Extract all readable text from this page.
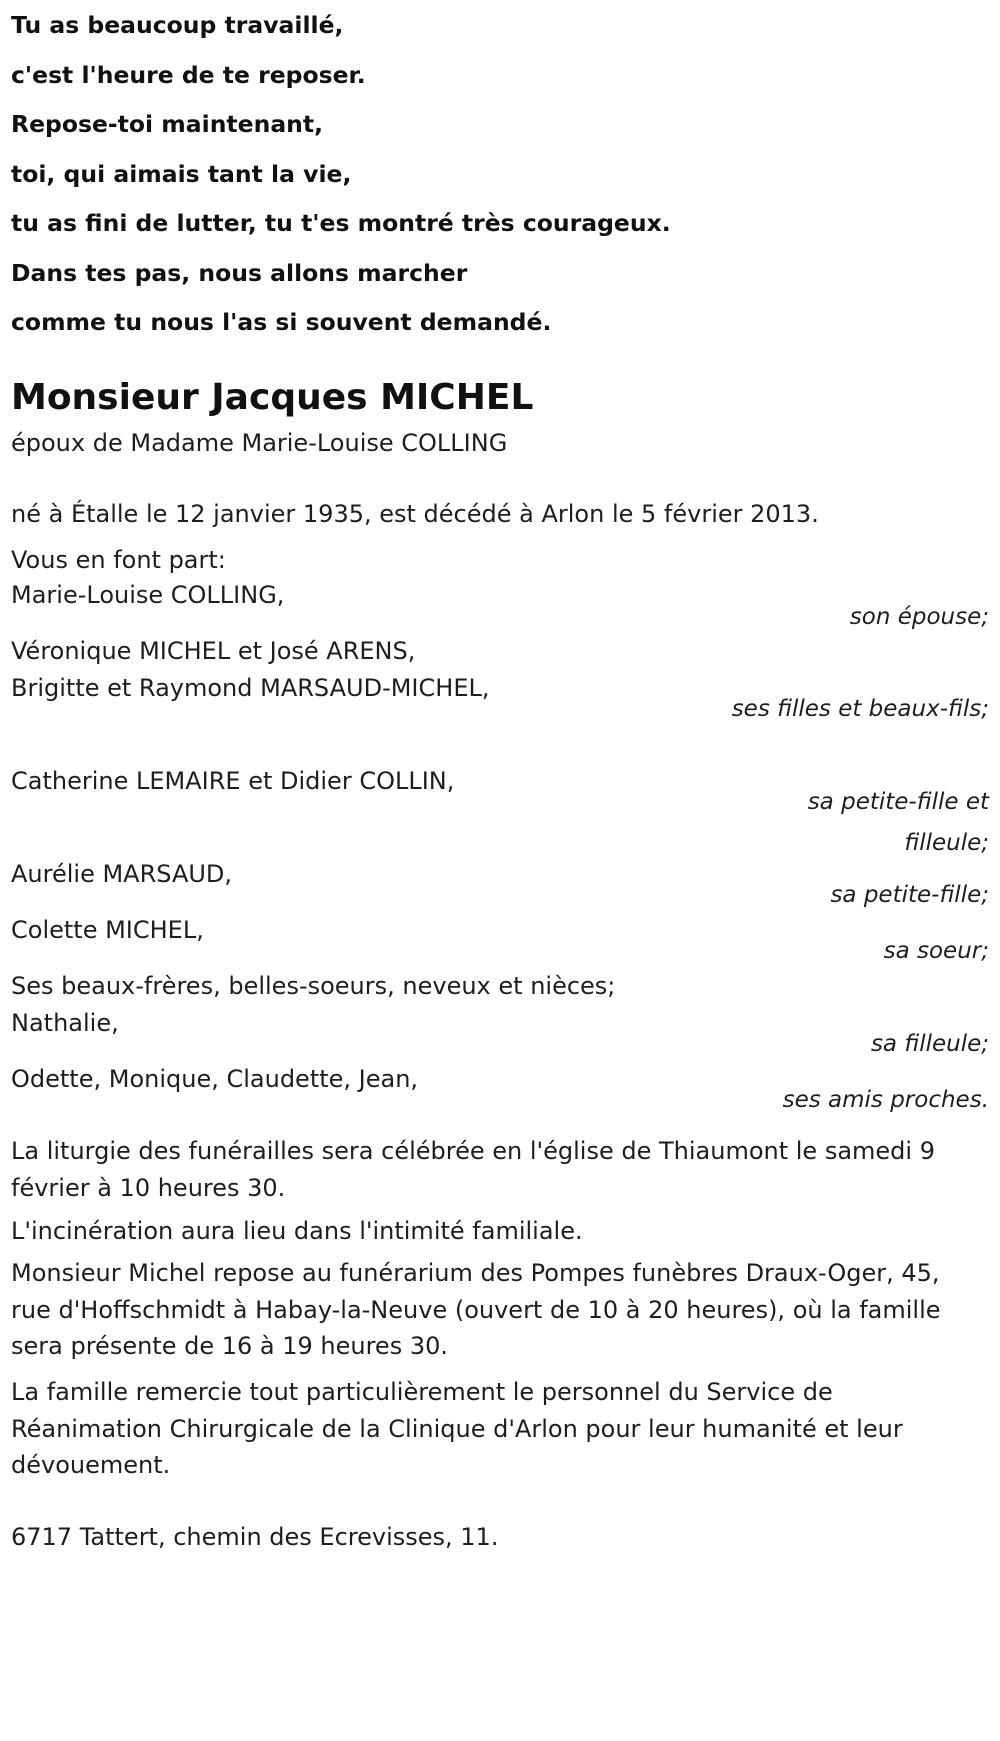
Tu as beaucoup travaillé,
c'est l'heure de te reposer.
Repose-toi maintenant,
toi, qui aimais tant la vie,
tu as fini de lutter, tu t'es montré très courageux.
Dans tes pas, nous allons marcher
comme tu nous l'as si souvent demandé.
Monsieur Jacques MICHEL
époux de Madame Marie-Louise COLLING
né à Étalle le 12 janvier 1935, est décédé à Arlon le 5 février 2013.
Vous en font part:
Marie-Louise COLLING,
son épouse;
Véronique MICHEL et José ARENS,
Brigitte et Raymond MARSAUD-MICHEL,
ses filles et beaux-fils;
Catherine LEMAIRE et Didier COLLIN,
sa petite-fille et filleule;
Aurélie MARSAUD,
sa petite-fille;
Colette MICHEL,
sa soeur;
Ses beaux-frères, belles-soeurs, neveux et nièces;
Nathalie,
sa filleule;
Odette, Monique, Claudette, Jean,
ses amis proches.
La liturgie des funérailles sera célébrée en l'église de Thiaumont le samedi 9 février à 10 heures 30.
L'incinération aura lieu dans l'intimité familiale.
Monsieur Michel repose au funérarium des Pompes funèbres Draux-Oger, 45, rue d'Hoffschmidt à Habay-la-Neuve (ouvert de 10 à 20 heures), où la famille sera présente de 16 à 19 heures 30.
La famille remercie tout particulièrement le personnel du Service de Réanimation Chirurgicale de la Clinique d'Arlon pour leur humanité et leur dévouement.
6717 Tattert, chemin des Ecrevisses, 11.
